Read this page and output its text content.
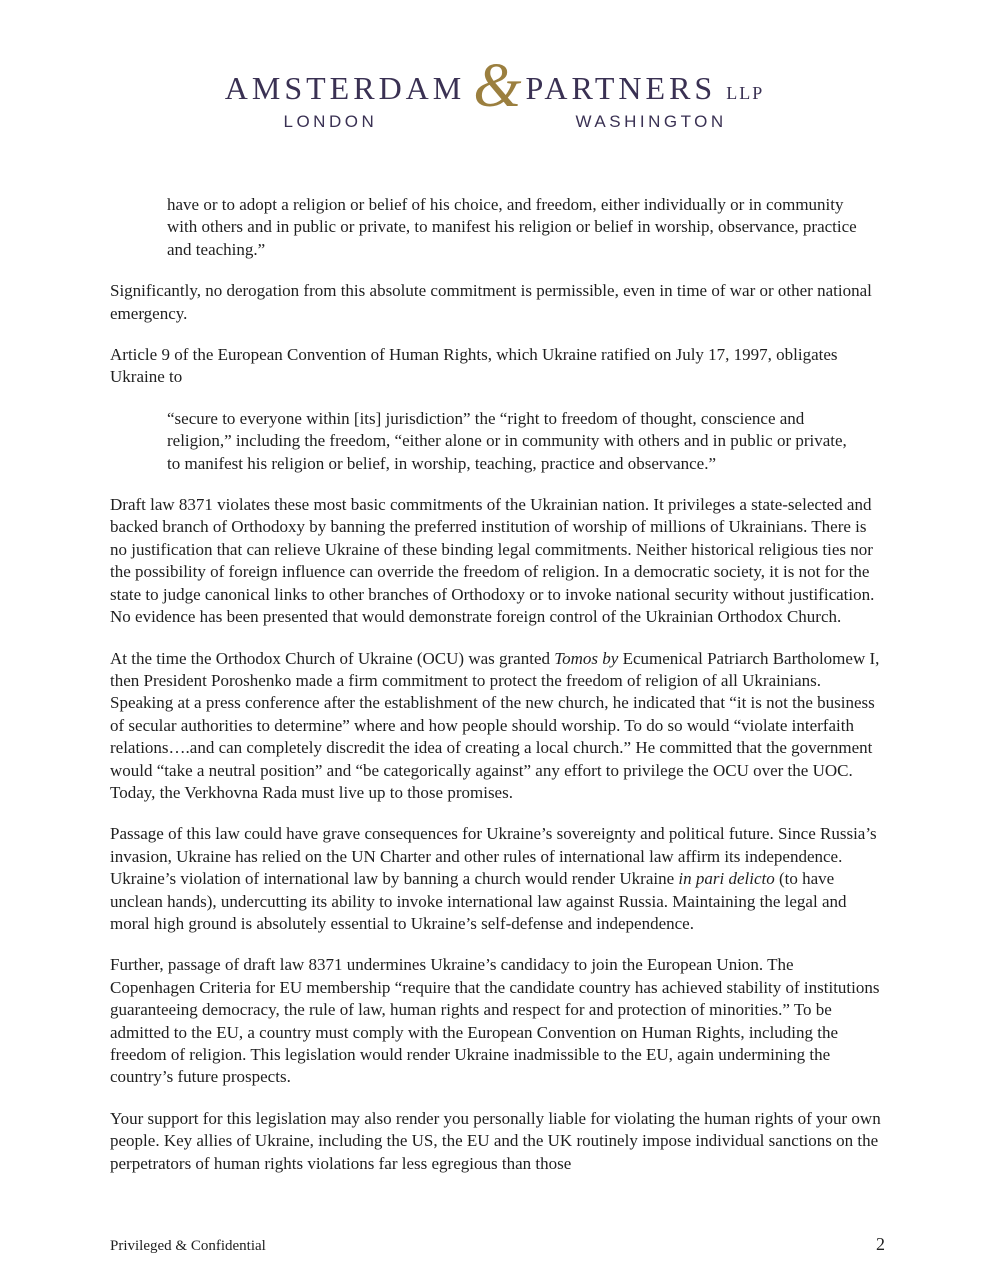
AMSTERDAM & PARTNERS LLP
LONDON	WASHINGTON

have or to adopt a religion or belief of his choice, and freedom, either individually or in community with others and in public or private, to manifest his religion or belief in worship, observance, practice and teaching.”

Significantly, no derogation from this absolute commitment is permissible, even in time of war or other national emergency.

Article 9 of the European Convention of Human Rights, which Ukraine ratified on July 17, 1997, obligates Ukraine to

“secure to everyone within [its] jurisdiction” the “right to freedom of thought, conscience and religion,” including the freedom, “either alone or in community with others and in public or private, to manifest his religion or belief, in worship, teaching, practice and observance.”

Draft law 8371 violates these most basic commitments of the Ukrainian nation. It privileges a state-selected and backed branch of Orthodoxy by banning the preferred institution of worship of millions of Ukrainians. There is no justification that can relieve Ukraine of these binding legal commitments. Neither historical religious ties nor the possibility of foreign influence can override the freedom of religion. In a democratic society, it is not for the state to judge canonical links to other branches of Orthodoxy or to invoke national security without justification. No evidence has been presented that would demonstrate foreign control of the Ukrainian Orthodox Church.

At the time the Orthodox Church of Ukraine (OCU) was granted Tomos by Ecumenical Patriarch Bartholomew I, then President Poroshenko made a firm commitment to protect the freedom of religion of all Ukrainians. Speaking at a press conference after the establishment of the new church, he indicated that “it is not the business of secular authorities to determine” where and how people should worship. To do so would “violate interfaith relations….and can completely discredit the idea of creating a local church.” He committed that the government would “take a neutral position” and “be categorically against” any effort to privilege the OCU over the UOC. Today, the Verkhovna Rada must live up to those promises.

Passage of this law could have grave consequences for Ukraine’s sovereignty and political future. Since Russia’s invasion, Ukraine has relied on the UN Charter and other rules of international law affirm its independence. Ukraine’s violation of international law by banning a church would render Ukraine in pari delicto (to have unclean hands), undercutting its ability to invoke international law against Russia. Maintaining the legal and moral high ground is absolutely essential to Ukraine’s self-defense and independence.

Further, passage of draft law 8371 undermines Ukraine’s candidacy to join the European Union. The Copenhagen Criteria for EU membership “require that the candidate country has achieved stability of institutions guaranteeing democracy, the rule of law, human rights and respect for and protection of minorities.” To be admitted to the EU, a country must comply with the European Convention on Human Rights, including the freedom of religion. This legislation would render Ukraine inadmissible to the EU, again undermining the country’s future prospects.

Your support for this legislation may also render you personally liable for violating the human rights of your own people. Key allies of Ukraine, including the US, the EU and the UK routinely impose individual sanctions on the perpetrators of human rights violations far less egregious than those

Privileged & Confidential	2
